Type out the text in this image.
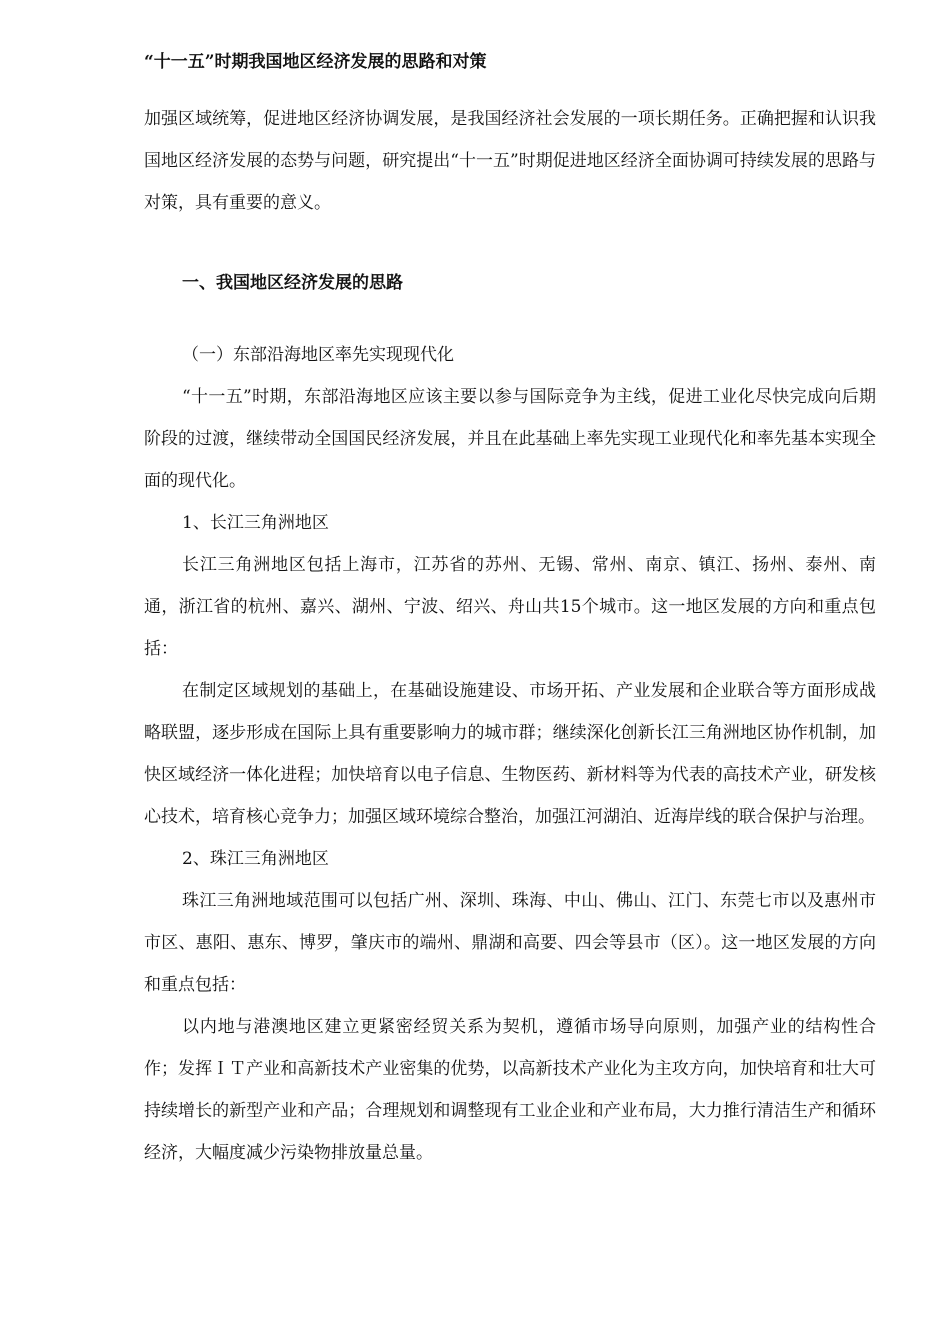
“十一五”时期我国地区经济发展的思路和对策

加强区域统筹，促进地区经济协调发展，是我国经济社会发展的一项长期任务。正确把握和认识我国地区经济发展的态势与问题，研究提出“十一五”时期促进地区经济全面协调可持续发展的思路与对策，具有重要的意义。

一、我国地区经济发展的思路

（一）东部沿海地区率先实现现代化

“十一五”时期，东部沿海地区应该主要以参与国际竞争为主线，促进工业化尽快完成向后期阶段的过渡，继续带动全国国民经济发展，并且在此基础上率先实现工业现代化和率先基本实现全面的现代化。

1、长江三角洲地区

长江三角洲地区包括上海市，江苏省的苏州、无锡、常州、南京、镇江、扬州、泰州、南通，浙江省的杭州、嘉兴、湖州、宁波、绍兴、舟山共15个城市。这一地区发展的方向和重点包括：

在制定区域规划的基础上，在基础设施建设、市场开拓、产业发展和企业联合等方面形成战略联盟，逐步形成在国际上具有重要影响力的城市群；继续深化创新长江三角洲地区协作机制，加快区域经济一体化进程；加快培育以电子信息、生物医药、新材料等为代表的高技术产业，研发核心技术，培育核心竞争力；加强区域环境综合整治，加强江河湖泊、近海岸线的联合保护与治理。

2、珠江三角洲地区

珠江三角洲地域范围可以包括广州、深圳、珠海、中山、佛山、江门、东莞七市以及惠州市市区、惠阳、惠东、博罗，肇庆市的端州、鼎湖和高要、四会等县市（区）。这一地区发展的方向和重点包括：

以内地与港澳地区建立更紧密经贸关系为契机，遵循市场导向原则，加强产业的结构性合作；发挥ＩＴ产业和高新技术产业密集的优势，以高新技术产业化为主攻方向，加快培育和壮大可持续增长的新型产业和产品；合理规划和调整现有工业企业和产业布局，大力推行清洁生产和循环经济，大幅度减少污染物排放量总量。
